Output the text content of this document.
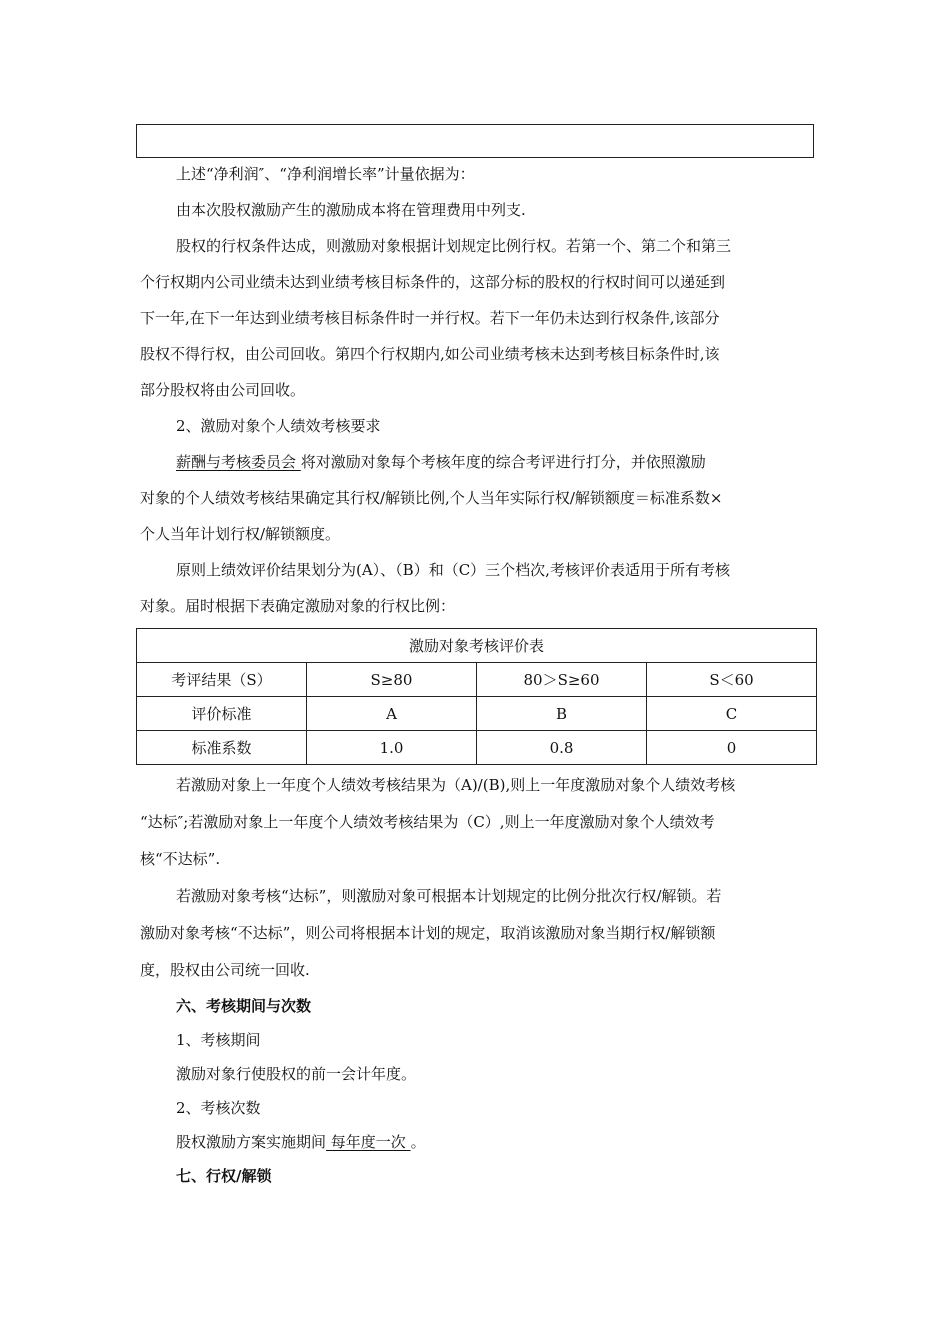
上述“净利润″、“净利润增长率”计量依据为：
由本次股权激励产生的激励成本将在管理费用中列支.
股权的行权条件达成，则激励对象根据计划规定比例行权。若第一个、第二个和第三
个行权期内公司业绩未达到业绩考核目标条件的，这部分标的股权的行权时间可以递延到
下一年,在下一年达到业绩考核目标条件时一并行权。若下一年仍未达到行权条件,该部分
股权不得行权，由公司回收。第四个行权期内,如公司业绩考核未达到考核目标条件时,该
部分股权将由公司回收。
2、激励对象个人绩效考核要求
薪酬与考核委员会 将对激励对象每个考核年度的综合考评进行打分，并依照激励
对象的个人绩效考核结果确定其行权/解锁比例,个人当年实际行权/解锁额度＝标准系数×
个人当年计划行权/解锁额度。
原则上绩效评价结果划分为(A）、（B）和（C）三个档次,考核评价表适用于所有考核
对象。届时根据下表确定激励对象的行权比例：
激励对象考核评价表			
考评结果（S）	S≥80	80＞S≥60	S＜60
评价标准	A	B	C
标准系数	1.0	0.8	0
若激励对象上一年度个人绩效考核结果为（A)/(B),则上一年度激励对象个人绩效考核
“达标″;若激励对象上一年度个人绩效考核结果为（C）,则上一年度激励对象个人绩效考
核“不达标”.
若激励对象考核“达标”，则激励对象可根据本计划规定的比例分批次行权/解锁。若
激励对象考核“不达标”，则公司将根据本计划的规定，取消该激励对象当期行权/解锁额
度，股权由公司统一回收.
六、考核期间与次数
1、考核期间
激励对象行使股权的前一会计年度。
2、考核次数
股权激励方案实施期间 每年度一次 。
七、行权/解锁
